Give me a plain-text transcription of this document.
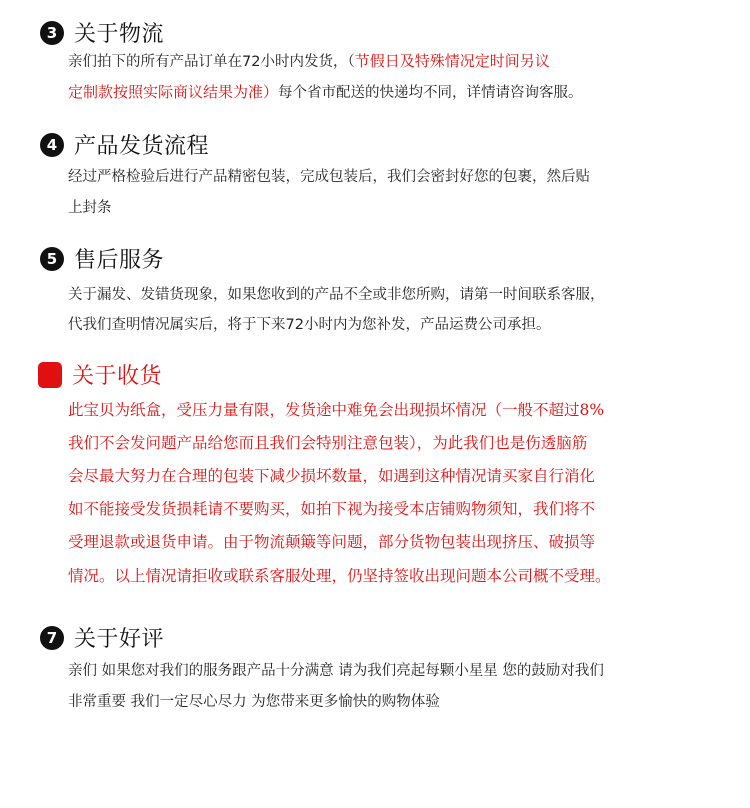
3 关于物流
亲们拍下的所有产品订单在72小时内发货，（节假日及特殊情况定时间另议
定制款按照实际商议结果为准）每个省市配送的快递均不同，详情请咨询客服。
4 产品发货流程
经过严格检验后进行产品精密包装，完成包装后，我们会密封好您的包裹，然后贴
上封条
5 售后服务
关于漏发、发错货现象，如果您收到的产品不全或非您所购，请第一时间联系客服，
代我们查明情况属实后，将于下来72小时内为您补发，产品运费公司承担。
6 关于收货
此宝贝为纸盒，受压力量有限，发货途中难免会出现损坏情况（一般不超过8%
我们不会发问题产品给您而且我们会特别注意包装），为此我们也是伤透脑筋
会尽最大努力在合理的包装下减少损坏数量，如遇到这种情况请买家自行消化
如不能接受发货损耗请不要购买，如拍下视为接受本店铺购物须知，我们将不
受理退款或退货申请。由于物流颠簸等问题，部分货物包装出现挤压、破损等
情况。以上情况请拒收或联系客服处理，仍坚持签收出现问题本公司概不受理。
7 关于好评
亲们 如果您对我们的服务跟产品十分满意 请为我们亮起每颗小星星 您的鼓励对我们
非常重要 我们一定尽心尽力 为您带来更多愉快的购物体验
